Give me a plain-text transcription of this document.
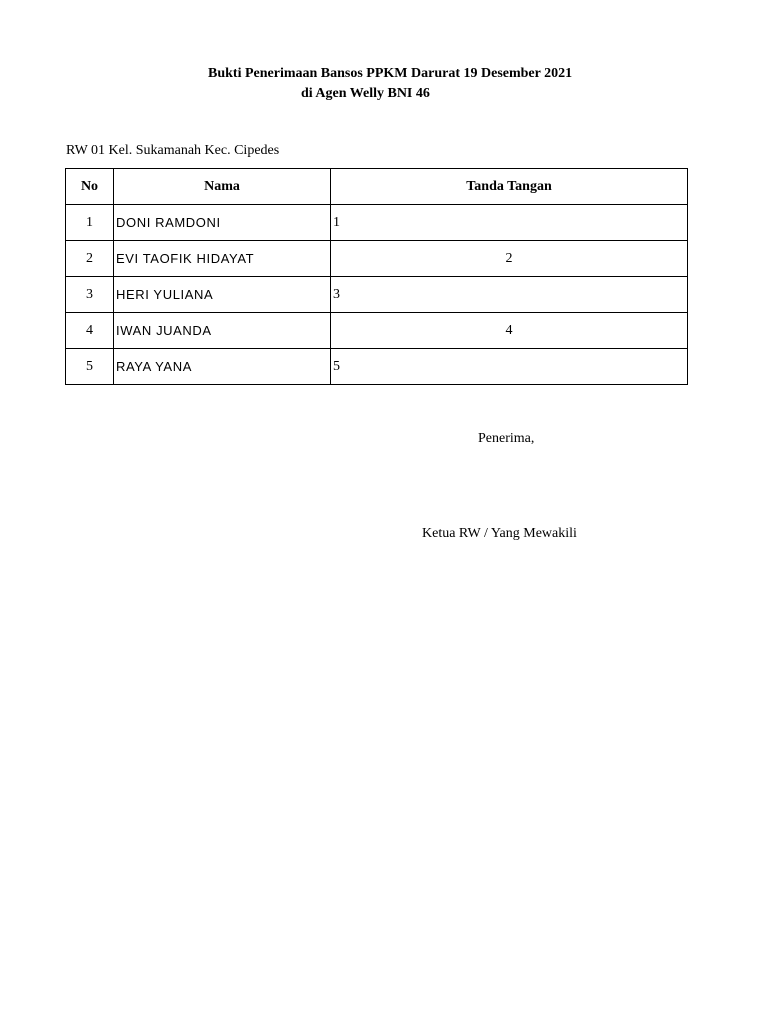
Bukti Penerimaan Bansos PPKM Darurat 19 Desember 2021
di Agen Welly BNI 46
RW 01 Kel. Sukamanah Kec. Cipedes
No	Nama	Tanda Tangan
1	DONI RAMDONI	1
2	EVI TAOFIK HIDAYAT	2
3	HERI YULIANA	3
4	IWAN JUANDA	4
5	RAYA YANA	5
Penerima,
Ketua RW / Yang Mewakili
